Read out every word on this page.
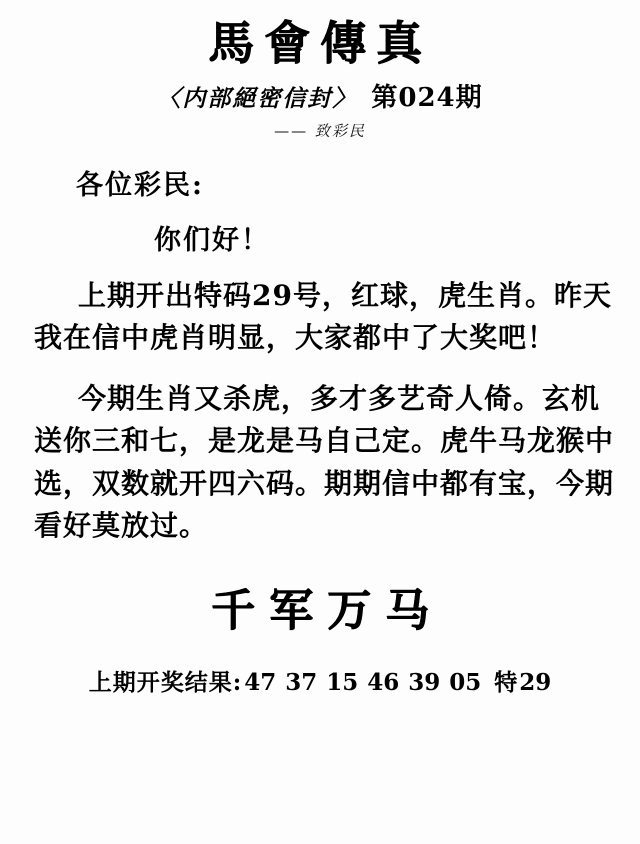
馬會傳真
〈内部絕密信封〉 第024期
—— 致彩民
各位彩民:
你们好！
上期开出特码29号，红球，虎生肖。昨天我在信中虎肖明显，大家都中了大奖吧！
今期生肖又杀虎，多才多艺奇人倚。玄机送你三和七，是龙是马自己定。虎牛马龙猴中选，双数就开四六码。期期信中都有宝，今期看好莫放过。
千军万马
上期开奖结果:47 37 15 46 39 05 特29
